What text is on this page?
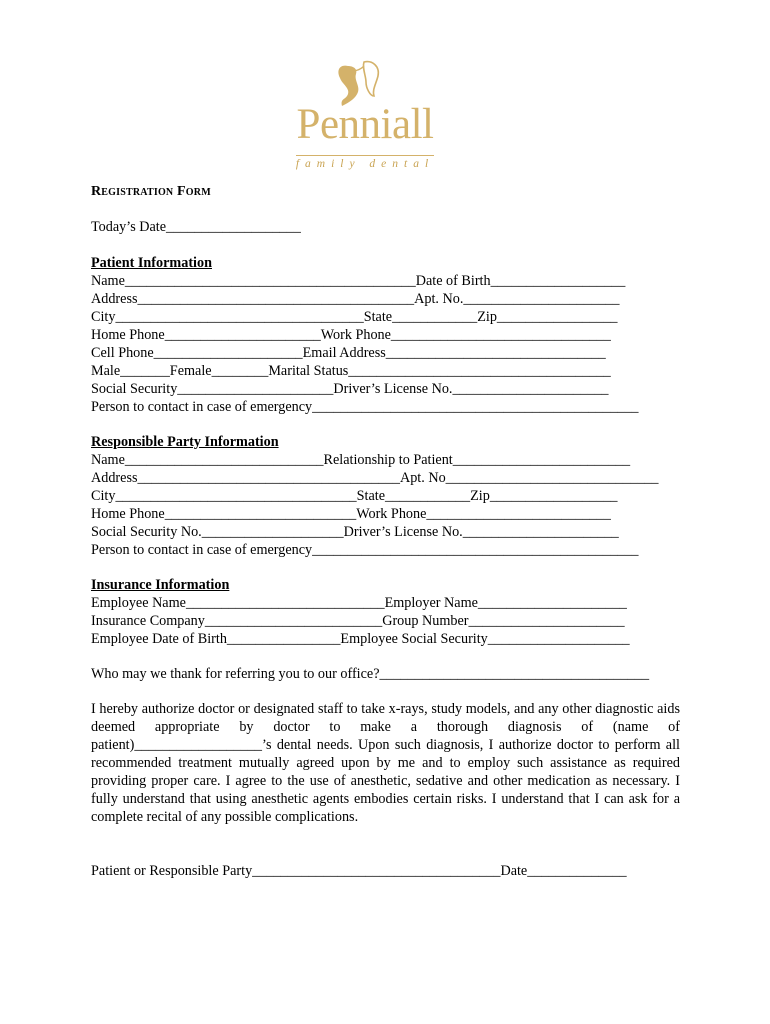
Penniall
family dental
Registration Form
Today’s Date___________________
Patient Information
Name_________________________________________Date of Birth___________________
Address_______________________________________Apt. No.______________________
City___________________________________State____________Zip_________________
Home Phone______________________Work Phone_______________________________
Cell Phone_____________________Email Address_______________________________
Male_______Female________Marital Status_____________________________________
Social Security______________________Driver’s License No.______________________
Person to contact in case of emergency______________________________________________
Responsible Party Information
Name____________________________Relationship to Patient_________________________
Address_____________________________________Apt. No______________________________
City__________________________________State____________Zip__________________
Home Phone___________________________Work Phone__________________________
Social Security No.____________________Driver’s License No.______________________
Person to contact in case of emergency______________________________________________
Insurance Information
Employee Name____________________________Employer Name_____________________
Insurance Company_________________________Group Number______________________
Employee Date of Birth________________Employee Social Security____________________
Who may we thank for referring you to our office?______________________________________

I hereby authorize doctor or designated staff to take x-rays, study models, and any other diagnostic aids deemed appropriate by doctor to make a thorough diagnosis of (name of patient)__________________’s dental needs. Upon such diagnosis, I authorize doctor to perform all recommended treatment mutually agreed upon by me and to employ such assistance as required providing proper care. I agree to the use of anesthetic, sedative and other medication as necessary. I fully understand that using anesthetic agents embodies certain risks. I understand that I can ask for a complete recital of any possible complications.

Patient or Responsible Party___________________________________Date______________
